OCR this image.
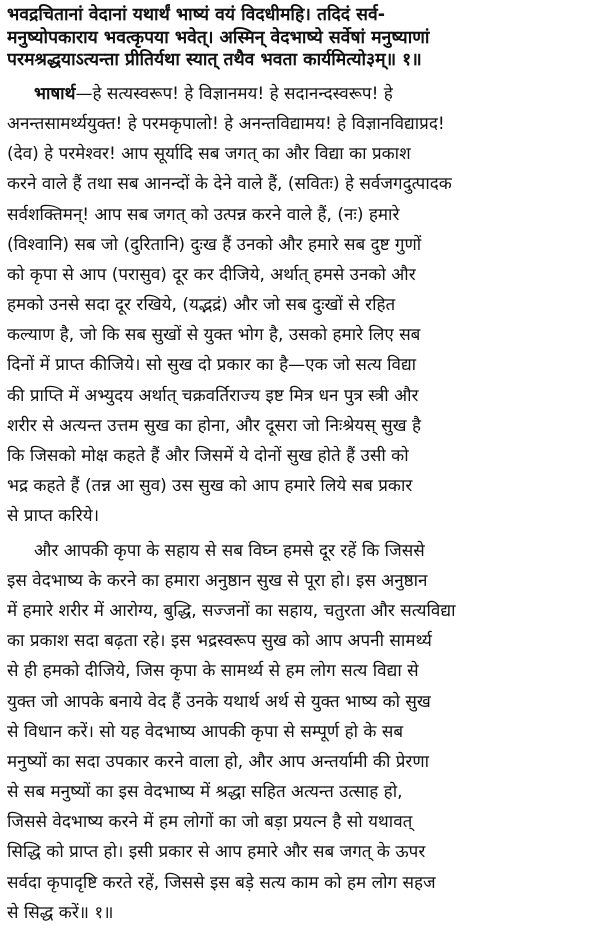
भवद्रचितानां वेदानां यथार्थं भाष्यं वयं विदधीमहि। तदिदं सर्व-
मनुष्योपकाराय भवत्कृपया भवेत्। अस्मिन् वेदभाष्ये सर्वेषां मनुष्याणां
परमश्रद्धयाऽत्यन्ता प्रीतिर्यथा स्यात् तथैव भवता कार्यमित्यो३म्॥ १॥
भाषार्थ—हे सत्यस्वरूप! हे विज्ञानमय! हे सदानन्दस्वरूप! हे
अनन्तसामर्थ्ययुक्त! हे परमकृपालो! हे अनन्तविद्यामय! हे विज्ञानविद्याप्रद!
(देव) हे परमेश्वर! आप सूर्यादि सब जगत् का और विद्या का प्रकाश
करने वाले हैं तथा सब आनन्दों के देने वाले हैं, (सवितः) हे सर्वजगदुत्पादक
सर्वशक्तिमन्! आप सब जगत् को उत्पन्न करने वाले हैं, (नः) हमारे
(विश्वानि) सब जो (दुरितानि) दुःख हैं उनको और हमारे सब दुष्ट गुणों
को कृपा से आप (परासुव) दूर कर दीजिये, अर्थात् हमसे उनको और
हमको उनसे सदा दूर रखिये, (यद्भद्रं) और जो सब दुःखों से रहित
कल्याण है, जो कि सब सुखों से युक्त भोग है, उसको हमारे लिए सब
दिनों में प्राप्त कीजिये। सो सुख दो प्रकार का है—एक जो सत्य विद्या
की प्राप्ति में अभ्युदय अर्थात् चक्रवर्तिराज्य इष्ट मित्र धन पुत्र स्त्री और
शरीर से अत्यन्त उत्तम सुख का होना, और दूसरा जो निःश्रेयस् सुख है
कि जिसको मोक्ष कहते हैं और जिसमें ये दोनों सुख होते हैं उसी को
भद्र कहते हैं (तन्न आ सुव) उस सुख को आप हमारे लिये सब प्रकार
से प्राप्त करिये।
और आपकी कृपा के सहाय से सब विघ्न हमसे दूर रहें कि जिससे
इस वेदभाष्य के करने का हमारा अनुष्ठान सुख से पूरा हो। इस अनुष्ठान
में हमारे शरीर में आरोग्य, बुद्धि, सज्जनों का सहाय, चतुरता और सत्यविद्या
का प्रकाश सदा बढ़ता रहे। इस भद्रस्वरूप सुख को आप अपनी सामर्थ्य
से ही हमको दीजिये, जिस कृपा के सामर्थ्य से हम लोग सत्य विद्या से
युक्त जो आपके बनाये वेद हैं उनके यथार्थ अर्थ से युक्त भाष्य को सुख
से विधान करें। सो यह वेदभाष्य आपकी कृपा से सम्पूर्ण हो के सब
मनुष्यों का सदा उपकार करने वाला हो, और आप अन्तर्यामी की प्रेरणा
से सब मनुष्यों का इस वेदभाष्य में श्रद्धा सहित अत्यन्त उत्साह हो,
जिससे वेदभाष्य करने में हम लोगों का जो बड़ा प्रयत्न है सो यथावत्
सिद्धि को प्राप्त हो। इसी प्रकार से आप हमारे और सब जगत् के ऊपर
सर्वदा कृपादृष्टि करते रहें, जिससे इस बड़े सत्य काम को हम लोग सहज
से सिद्ध करें॥ १॥
